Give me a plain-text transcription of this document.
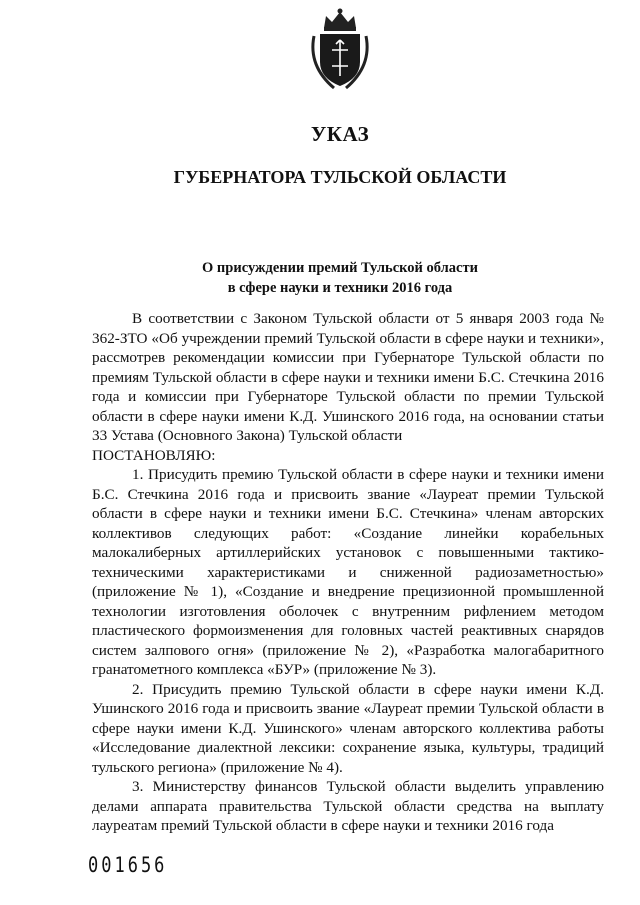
УКАЗ
ГУБЕРНАТОРА ТУЛЬСКОЙ ОБЛАСТИ
О присуждении премий Тульской области
в сфере науки и техники 2016 года

В соответствии с Законом Тульской области от 5 января 2003 года № 362-ЗТО «Об учреждении премий Тульской области в сфере науки и техники», рассмотрев рекомендации комиссии при Губернаторе Тульской области по премиям Тульской области в сфере науки и техники имени Б.С. Стечкина 2016 года и комиссии при Губернаторе Тульской области по премии Тульской области в сфере науки имени К.Д. Ушинского 2016 года, на основании статьи 33 Устава (Основного Закона) Тульской области

ПОСТАНОВЛЯЮ:

1. Присудить премию Тульской области в сфере науки и техники имени Б.С. Стечкина 2016 года и присвоить звание «Лауреат премии Тульской области в сфере науки и техники имени Б.С. Стечкина» членам авторских коллективов следующих работ: «Создание линейки корабельных малокалиберных артиллерийских установок с повышенными тактико-техническими характеристиками и сниженной радиозаметностью» (приложение № 1), «Создание и внедрение прецизионной промышленной технологии изготовления оболочек с внутренним рифлением методом пластического формоизменения для головных частей реактивных снарядов систем залпового огня» (приложение № 2), «Разработка малогабаритного гранатометного комплекса «БУР» (приложение № 3).

2. Присудить премию Тульской области в сфере науки имени К.Д. Ушинского 2016 года и присвоить звание «Лауреат премии Тульской области в сфере науки имени К.Д. Ушинского» членам авторского коллектива работы «Исследование диалектной лексики: сохранение языка, культуры, традиций тульского региона» (приложение № 4).

3. Министерству финансов Тульской области выделить управлению делами аппарата правительства Тульской области средства на выплату лауреатам премий Тульской области в сфере науки и техники 2016 года

001656
